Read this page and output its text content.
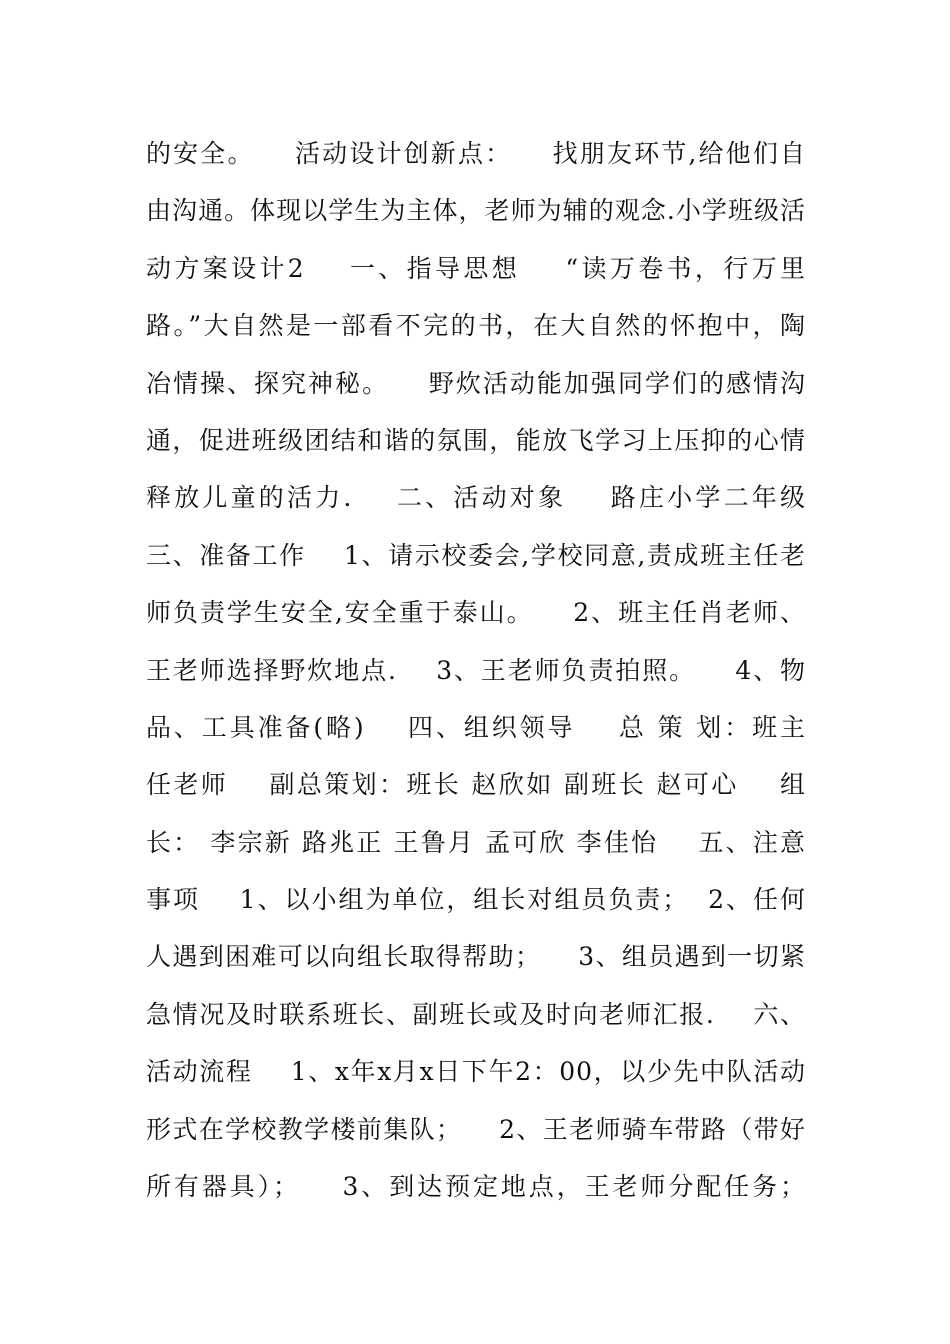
的安全。    活动设计创新点：    找朋友环节,给他们自
由沟通。体现以学生为主体，老师为辅的观念.小学班级活
动方案设计2    一、指导思想    “读万卷书，行万里
路。”大自然是一部看不完的书，在大自然的怀抱中，陶
冶情操、探究神秘。    野炊活动能加强同学们的感情沟
通，促进班级团结和谐的氛围，能放飞学习上压抑的心情
释放儿童的活力.    二、活动对象    路庄小学二年级
三、准备工作    1、请示校委会,学校同意,责成班主任老
师负责学生安全,安全重于泰山。    2、班主任肖老师、
王老师选择野炊地点.    3、王老师负责拍照。    4、物
品、工具准备(略)    四、组织领导    总 策 划：班主
任老师    副总策划：班长 赵欣如 副班长 赵可心    组
长： 李宗新 路兆正 王鲁月 孟可欣 李佳怡    五、注意
事项    1、以小组为单位，组长对组员负责；  2、任何
人遇到困难可以向组长取得帮助；    3、组员遇到一切紧
急情况及时联系班长、副班长或及时向老师汇报.    六、
活动流程    1、x年x月x日下午2：00，以少先中队活动
形式在学校教学楼前集队；    2、王老师骑车带路（带好
所有器具）；    3、到达预定地点，王老师分配任务；
